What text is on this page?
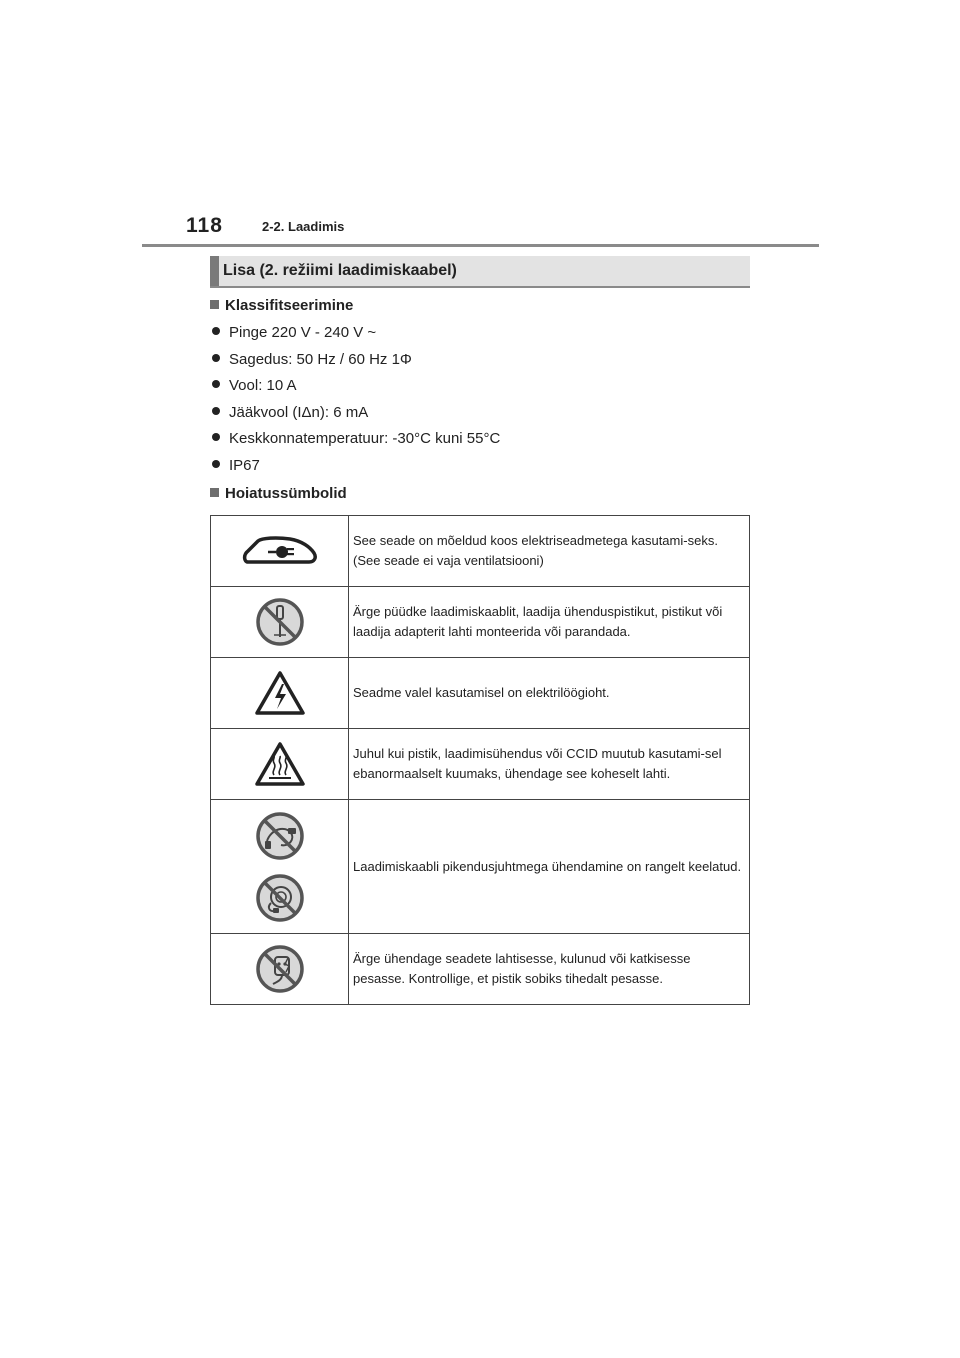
118	2-2. Laadimis
Lisa (2. režiimi laadimiskaabel)
Klassifitseerimine
Pinge 220 V - 240 V ~
Sagedus: 50 Hz / 60 Hz 1Φ
Vool: 10 A
Jääkvool (IΔn): 6 mA
Keskkonnatemperatuur: -30°C kuni 55°C
IP67
Hoiatussümbolid
	See seade on mõeldud koos elektriseadmetega kasutami-seks. (See seade ei vaja ventilatsiooni)

	Ärge püüdke laadimiskaablit, laadija ühenduspistikut, pistikut või laadija adapterit lahti monteerida või parandada.

	Seadme valel kasutamisel on elektrilöögioht.

	Juhul kui pistik, laadimisühendus või CCID muutub kasutami-sel ebanormaalselt kuumaks, ühendage see koheselt lahti.

	Laadimiskaabli pikendusjuhtmega ühendamine on rangelt keelatud.

	Ärge ühendage seadete lahtisesse, kulunud või katkisesse pesasse. Kontrollige, et pistik sobiks tihedalt pesasse.
